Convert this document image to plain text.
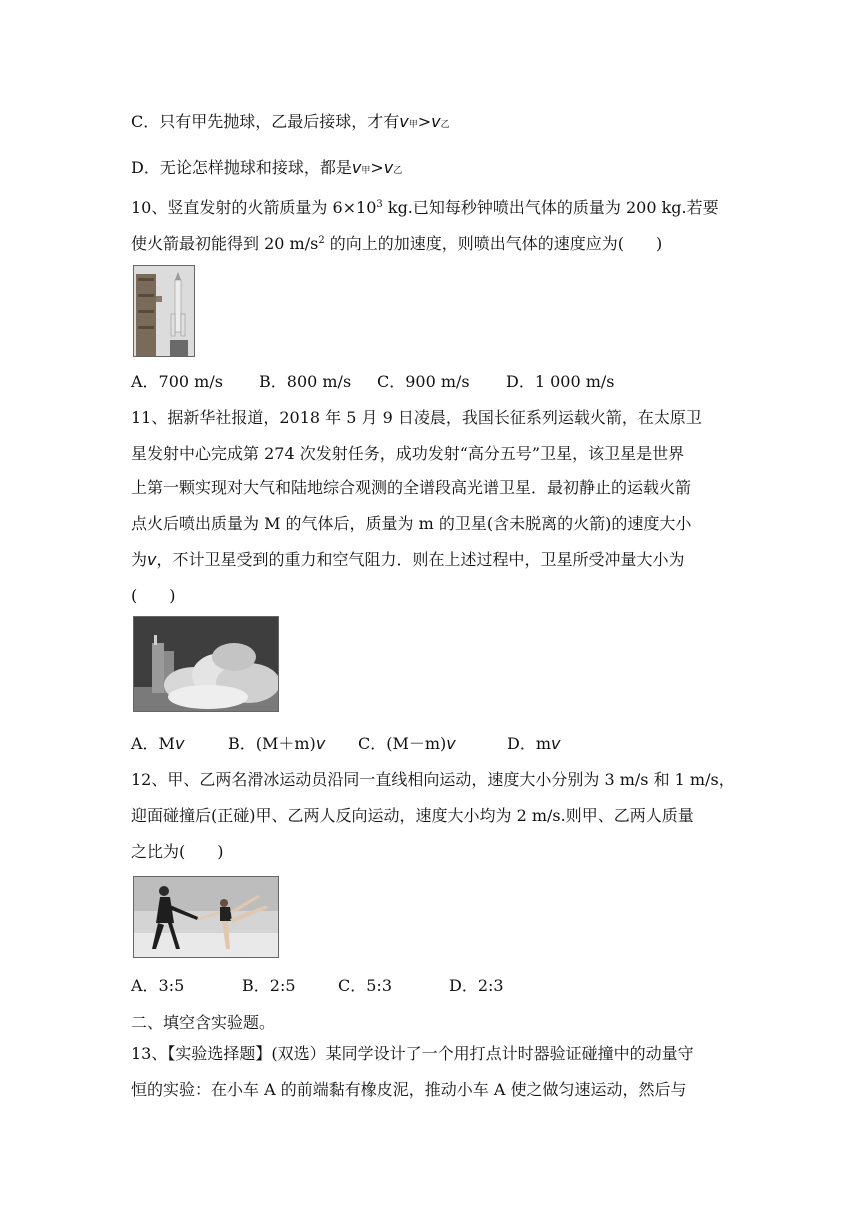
C．只有甲先抛球，乙最后接球，才有v甲>v乙
D．无论怎样抛球和接球，都是v甲>v乙
10、竖直发射的火箭质量为 $6\times 10^3$ kg.已知每秒钟喷出气体的质量为 200 kg.若要
使火箭最初能得到 20 $m/s^2$ 的向上的加速度，则喷出气体的速度应为(　　)
A．700 m/s B．800 m/s C．900 m/s D．1 000 m/s
11、据新华社报道，2018 年 5 月 9 日凌晨，我国长征系列运载火箭，在太原卫
星发射中心完成第 274 次发射任务，成功发射“高分五号”卫星，该卫星是世界
上第一颗实现对大气和陆地综合观测的全谱段高光谱卫星．最初静止的运载火箭
点火后喷出质量为 M 的气体后，质量为 m 的卫星(含未脱离的火箭)的速度大小
为v，不计卫星受到的重力和空气阻力．则在上述过程中，卫星所受冲量大小为
(　　)
A．Mv	B．(M＋m)v C．(M－m)v	D．mv
12、甲、乙两名滑冰运动员沿同一直线相向运动，速度大小分别为 3 m/s 和 1 m/s，
迎面碰撞后(正碰)甲、乙两人反向运动，速度大小均为 2 m/s.则甲、乙两人质量
之比为(　　)
A．3:5	B．2:5	C．5:3	D．2:3
二、填空含实验题。
13、【实验选择题】(双选）某同学设计了一个用打点计时器验证碰撞中的动量守
恒的实验：在小车 A 的前端黏有橡皮泥，推动小车 A 使之做匀速运动，然后与
